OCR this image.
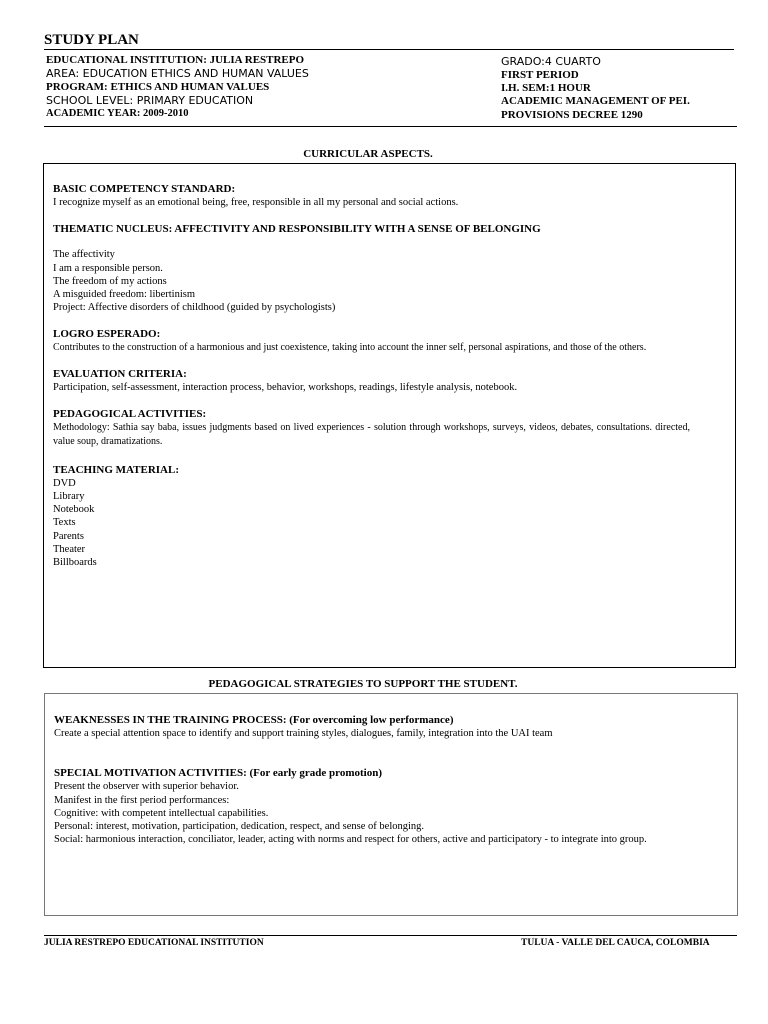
STUDY PLAN
EDUCATIONAL INSTITUTION: JULIA RESTREPO
AREA: EDUCATION ETHICS AND HUMAN VALUES
PROGRAM: ETHICS AND HUMAN VALUES
SCHOOL LEVEL: PRIMARY EDUCATION
ACADEMIC YEAR: 2009-2010
GRADO:4 CUARTO
FIRST PERIOD
I.H. SEM:1 HOUR
ACADEMIC MANAGEMENT OF PEI.
PROVISIONS DECREE 1290
CURRICULAR ASPECTS.
BASIC COMPETENCY STANDARD:
I recognize myself as an emotional being, free, responsible in all my personal and social actions.
THEMATIC NUCLEUS: AFFECTIVITY AND RESPONSIBILITY WITH A SENSE OF BELONGING
The affectivity
I am a responsible person.
The freedom of my actions
A misguided freedom: libertinism
Project: Affective disorders of childhood (guided by psychologists)
LOGRO ESPERADO:
Contributes to the construction of a harmonious and just coexistence, taking into account the inner self, personal aspirations, and those of the others.
EVALUATION CRITERIA:
Participation, self-assessment, interaction process, behavior, workshops, readings, lifestyle analysis, notebook.
PEDAGOGICAL ACTIVITIES:
Methodology: Sathia say baba, issues judgments based on lived experiences - solution through workshops, surveys, videos, debates, consultations. directed, value soup, dramatizations.
TEACHING MATERIAL:
DVD
Library
Notebook
Texts
Parents
Theater
Billboards
PEDAGOGICAL STRATEGIES TO SUPPORT THE STUDENT.
WEAKNESSES IN THE TRAINING PROCESS: (For overcoming low performance)
Create a special attention space to identify and support training styles, dialogues, family, integration into the UAI team
SPECIAL MOTIVATION ACTIVITIES: (For early grade promotion)
Present the observer with superior behavior.
Manifest in the first period performances:
Cognitive: with competent intellectual capabilities.
Personal: interest, motivation, participation, dedication, respect, and sense of belonging.
Social: harmonious interaction, conciliator, leader, acting with norms and respect for others, active and participatory - to integrate into group.
JULIA RESTREPO EDUCATIONAL INSTITUTION	TULUA - VALLE DEL CAUCA, COLOMBIA
